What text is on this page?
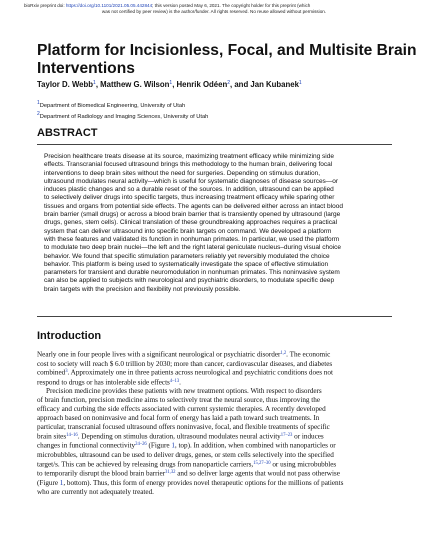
bioRxiv preprint doi: https://doi.org/10.1101/2021.05.05.442844; this version posted May 6, 2021. The copyright holder for this preprint (which
was not certified by peer review) is the author/funder. All rights reserved. No reuse allowed without permission.
Platform for Incisionless, Focal, and Multisite Brain
Interventions
Taylor D. Webb$^1$, Matthew G. Wilson$^1$, Henrik Odéen$^2$, and Jan Kubanek$^1$
1Department of Biomedical Engineering, University of Utah
2Department of Radiology and Imaging Sciences, University of Utah
ABSTRACT
Precision healthcare treats disease at its source, maximizing treatment efficacy while minimizing side
effects. Transcranial focused ultrasound brings this methodology to the human brain, delivering focal
interventions to deep brain sites without the need for surgeries. Depending on stimulus duration,
ultrasound modulates neural activity—which is useful for systematic diagnoses of disease sources—or
induces plastic changes and so a durable reset of the sources. In addition, ultrasound can be applied
to selectively deliver drugs into specific targets, thus increasing treatment efficacy while sparing other
tissues and organs from potential side effects. The agents can be delivered either across an intact blood
brain barrier (small drugs) or across a blood brain barrier that is transiently opened by ultrasound (large
drugs, genes, stem cells). Clinical translation of these groundbreaking approaches requires a practical
system that can deliver ultrasound into specific brain targets on command. We developed a platform
with these features and validated its function in nonhuman primates. In particular, we used the platform
to modulate two deep brain nuclei—the left and the right lateral geniculate nucleus–during visual choice
behavior. We found that specific stimulation parameters reliably yet reversibly modulated the choice
behavior. This platform is being used to systematically investigate the space of effective stimulation
parameters for transient and durable neuromodulation in nonhuman primates. This noninvasive system
can also be applied to subjects with neurological and psychiatric disorders, to modulate specific deep
brain targets with the precision and flexibility not previously possible.
Introduction
Nearly one in four people lives with a significant neurological or psychiatric disorder$^{1,2}$. The economic
cost to society will reach $ 6.0 trillion by 2030; more than cancer, cardiovascular diseases, and diabetes
combined$^3$. Approximately one in three patients across neurological and psychiatric conditions does not
respond to drugs or has intolerable side effects$^{4-13}$.
Precision medicine provides these patients with new treatment options. With respect to disorders
of brain function, precision medicine aims to selectively treat the neural source, thus improving the
efficacy and curbing the side effects associated with current systemic therapies. A recently developed
approach based on noninvasive and focal form of energy has laid a path toward such treatments. In
particular, transcranial focused ultrasound offers noninvasive, focal, and flexible treatments of specific
brain sites$^{14-16}$. Depending on stimulus duration, ultrasound modulates neural activity$^{17-23}$ or induces
changes in functional connectivity$^{24-26}$ (Figure 1, top). In addition, when combined with nanoparticles or
microbubbles, ultrasound can be used to deliver drugs, genes, or stem cells selectively into the specified
target/s. This can be achieved by releasing drugs from nanoparticle carriers,$^{15,27-30}$ or using microbubbles
to temporarily disrupt the blood brain barrier$^{31,32}$ and so deliver large agents that would not pass otherwise
(Figure 1, bottom). Thus, this form of energy provides novel therapeutic options for the millions of patients
who are currently not adequately treated.
